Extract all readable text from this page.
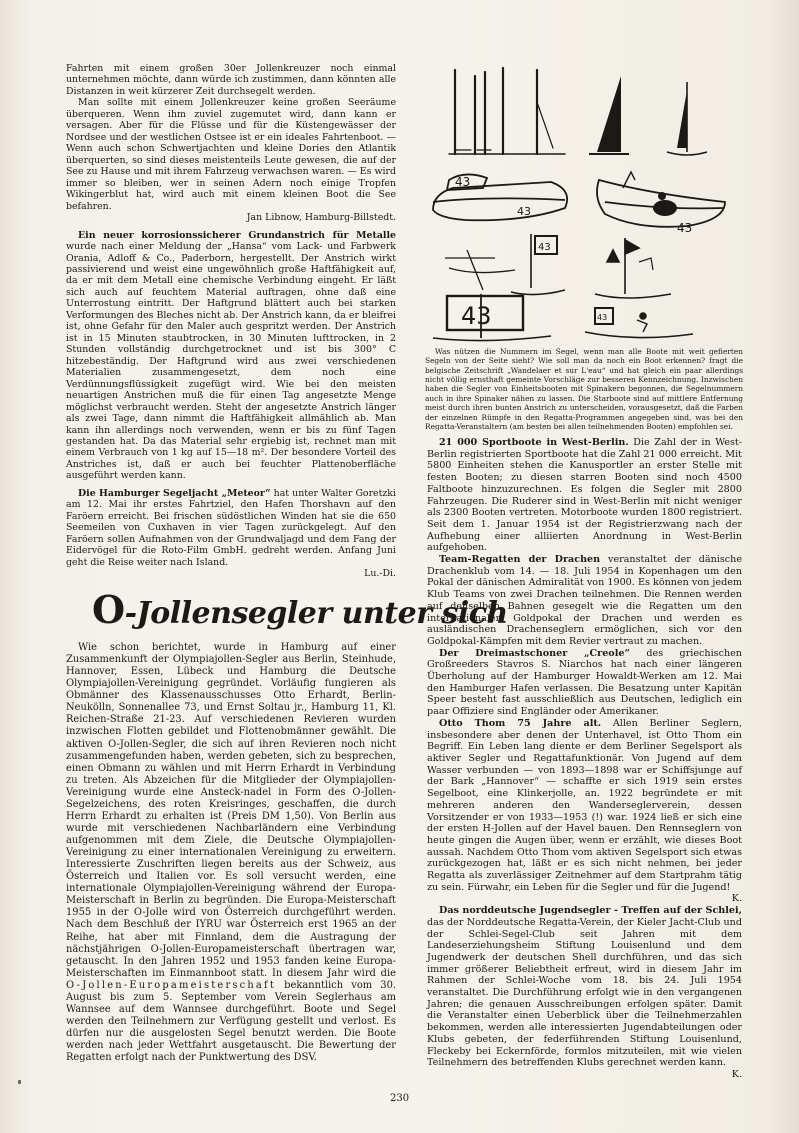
Fahrten mit einem großen 30er Jollenkreuzer noch einmal unternehmen möchte, dann würde ich zustimmen, dann könnten alle Distanzen in weit kürzerer Zeit durchsegelt werden.

Man sollte mit einem Jollenkreuzer keine großen Seeräume überqueren. Wenn ihm zuviel zugemutet wird, dann kann er versagen. Aber für die Flüsse und für die Küstengewässer der Nordsee und der westlichen Ostsee ist er ein ideales Fahrtenboot. — Wenn auch schon Schwertjachten und kleine Dories den Atlantik überquerten, so sind dieses meistenteils Leute gewesen, die auf der See zu Hause und mit ihrem Fahrzeug verwachsen waren. — Es wird immer so bleiben, wer in seinen Adern noch einige Tropfen Wikingerblut hat, wird auch mit einem kleinen Boot die See befahren.

Jan Libnow, Hamburg-Billstedt.

Ein neuer korrosionssicherer Grundanstrich für Metalle wurde nach einer Meldung der „Hansa“ vom Lack- und Farbwerk Orania, Adloff & Co., Paderborn, hergestellt. Der Anstrich wirkt passivierend und weist eine ungewöhnlich große Haftfähigkeit auf, da er mit dem Metall eine chemische Verbindung eingeht. Er läßt sich auch auf feuchtem Material auftragen, ohne daß eine Unterrostung eintritt. Der Haftgrund blättert auch bei starken Verformungen des Bleches nicht ab. Der Anstrich kann, da er bleifrei ist, ohne Gefahr für den Maler auch gespritzt werden. Der Anstrich ist in 15 Minuten staubtrocken, in 30 Minuten lufttrocken, in 2 Stunden vollständig durchgetrocknet und ist bis 300° C hitzebeständig. Der Haftgrund wird aus zwei verschiedenen Materialien zusammengesetzt, dem noch eine Verdünnungsflüssigkeit zugefügt wird. Wie bei den meisten neuartigen Anstrichen muß die für einen Tag angesetzte Menge möglichst verbraucht werden. Steht der angesetzte Anstrich länger als zwei Tage, dann nimmt die Haftfähigkeit allmählich ab. Man kann ihn allerdings noch verwenden, wenn er bis zu fünf Tagen gestanden hat. Da das Material sehr ergiebig ist, rechnet man mit einem Verbrauch von 1 kg auf 15—18 m². Der besondere Vorteil des Anstriches ist, daß er auch bei feuchter Plattenoberfläche ausgeführt werden kann.

Die Hamburger Segeljacht „Meteor“ hat unter Walter Goretzki am 12. Mai ihr erstes Fahrtziel, den Hafen Thorshavn auf den Faröern erreicht. Bei frischen südöstlichen Winden hat sie die 650 Seemeilen von Cuxhaven in vier Tagen zurückgelegt. Auf den Faröern sollen Aufnahmen von der Grundwaljagd und dem Fang der Eidervögel für die Roto-Film GmbH. gedreht werden. Anfang Juni geht die Reise weiter nach Island.

Lu.-Di.

O-Jollensegler unter sich

Wie schon berichtet, wurde in Hamburg auf einer Zusammenkunft der Olympiajollen-Segler aus Berlin, Steinhude, Hannover, Essen, Lübeck und Hamburg die Deutsche Olympiajollen-Vereinigung gegründet. Vorläufig fungieren als Obmänner des Klassenausschusses Otto Erhardt, Berlin-Neukölln, Sonnenallee 73, und Ernst Soltau jr., Hamburg 11, Kl. Reichen-Straße 21-23. Auf verschiedenen Revieren wurden inzwischen Flotten gebildet und Flottenobmänner gewählt. Die aktiven O-Jollen-Segler, die sich auf ihren Revieren noch nicht zusammengefunden haben, werden gebeten, sich zu besprechen, einen Obmann zu wählen und mit Herrn Erhardt in Verbindung zu treten. Als Abzeichen für die Mitglieder der Olympiajollen-Vereinigung wurde eine Ansteck-nadel in Form des O-Jollen-Segelzeichens, des roten Kreisringes, geschaffen, die durch Herrn Erhardt zu erhalten ist (Preis DM 1,50). Von Berlin aus wurde mit verschiedenen Nachbarländern eine Verbindung aufgenommen mit dem Ziele, die Deutsche Olympiajollen-Vereinigung zu einer internationalen Vereinigung zu erweitern. Interessierte Zuschriften liegen bereits aus der Schweiz, aus Österreich und Italien vor. Es soll versucht werden, eine internationale Olympiajollen-Vereinigung während der Europa-Meisterschaft in Berlin zu begründen. Die Europa-Meisterschaft 1955 in der O-Jolle wird von Österreich durchgeführt werden. Nach dem Beschluß der IYRU war Österreich erst 1965 an der Reihe, hat aber mit Finnland, dem die Austragung der nächstjährigen O-Jollen-Europameisterschaft übertragen war, getauscht. In den Jahren 1952 und 1953 fanden keine Europa-Meisterschaften im Einmannboot statt. In diesem Jahr wird die O-Jollen-Europameisterschaft bekanntlich vom 30. August bis zum 5. September vom Verein Seglerhaus am Wannsee auf dem Wannsee durchgeführt. Boote und Segel werden den Teilnehmern zur Verfügung gestellt und verlost. Es dürfen nur die ausgelosten Segel benutzt werden. Die Boote werden nach jeder Wettfahrt ausgetauscht. Die Bewertung der Regatten erfolgt nach der Punktwertung des DSV.

43
43
43
43
43	43

Was nützen die Nummern im Segel, wenn man alle Boote mit weit gefierten Segeln von der Seite sieht? Wie soll man da noch ein Boot erkennen? fragt die belgische Zeitschrift „Wandelaer et sur L'eau“ und hat gleich ein paar allerdings nicht völlig ernsthaft gemeinte Vorschläge zur besseren Kennzeichnung. Inzwischen haben die Segler von Einheitsbooten mit Spinakern begonnen, die Segelnummern auch in ihre Spinaker nähen zu lassen. Die Starboote sind auf mittlere Entfernung meist durch ihren bunten Anstrich zu unterscheiden, vorausgesetzt, daß die Farben der einzelnen Rümpfe in den Regatta-Programmen angegeben sind, was bei den Regatta-Veranstaltern (am besten bei allen teilnehmenden Booten) empfohlen sei.

21 000 Sportboote in West-Berlin. Die Zahl der in West-Berlin registrierten Sportboote hat die Zahl 21 000 erreicht. Mit 5800 Einheiten stehen die Kanusportler an erster Stelle mit festen Booten; zu diesen starren Booten sind noch 4500 Faltboote hinzuzurechnen. Es folgen die Segler mit 2800 Fahrzeugen. Die Ruderer sind in West-Berlin mit nicht weniger als 2300 Booten vertreten. Motorboote wurden 1800 registriert. Seit dem 1. Januar 1954 ist der Registrierzwang nach der Aufhebung einer alliierten Anordnung in West-Berlin aufgehoben.

Team-Regatten der Drachen veranstaltet der dänische Drachenklub vom 14. — 18. Juli 1954 in Kopenhagen um den Pokal der dänischen Admiralität von 1900. Es können von jedem Klub Teams von zwei Drachen teilnehmen. Die Rennen werden auf denselben Bahnen gesegelt wie die Regatten um den internationalen Goldpokal der Drachen und werden es ausländischen Drachenseglern ermöglichen, sich vor den Goldpokal-Kämpfen mit dem Revier vertraut zu machen.

Der Dreimastschoner „Creole“ des griechischen Großreeders Stavros S. Niarchos hat nach einer längeren Überholung auf der Hamburger Howaldt-Werken am 12. Mai den Hamburger Hafen verlassen. Die Besatzung unter Kapitän Speer besteht fast ausschließlich aus Deutschen, lediglich ein paar Offiziere sind Engländer oder Amerikaner.

Otto Thom 75 Jahre alt. Allen Berliner Seglern, insbesondere aber denen der Unterhavel, ist Otto Thom ein Begriff. Ein Leben lang diente er dem Berliner Segelsport als aktiver Segler und Regattafunktionär. Von Jugend auf dem Wasser verbunden — von 1893—1898 war er Schiffsjunge auf der Bark „Hannover“ — schaffte er sich 1919 sein erstes Segelboot, eine Klinkerjolle, an. 1922 begründete er mit mehreren anderen den Wanderseglerverein, dessen Vorsitzender er von 1933—1953 (!) war. 1924 ließ er sich eine der ersten H-Jollen auf der Havel bauen. Den Rennseglern von heute gingen die Augen über, wenn er erzählt, wie dieses Boot aussah. Nachdem Otto Thom vom aktiven Segelsport sich etwas zurückgezogen hat, läßt er es sich nicht nehmen, bei jeder Regatta als zuverlässiger Zeitnehmer auf dem Startprahm tätig zu sein. Fürwahr, ein Leben für die Segler und für die Jugend!

K.

Das norddeutsche Jugendsegler - Treffen auf der Schlei, das der Norddeutsche Regatta-Verein, der Kieler Jacht-Club und der Schlei-Segel-Club seit Jahren mit dem Landeserziehungsheim Stiftung Louisenlund und dem Jugendwerk der deutschen Shell durchführen, und das sich immer größerer Beliebtheit erfreut, wird in diesem Jahr im Rahmen der Schlei-Woche vom 18. bis 24. Juli 1954 veranstaltet. Die Durchführung erfolgt wie in den vergangenen Jahren; die genauen Ausschreibungen erfolgen später. Damit die Veranstalter einen Ueberblick über die Teilnehmerzahlen bekommen, werden alle interessierten Jugendabteilungen oder Klubs gebeten, der federführenden Stiftung Louisenlund, Fleckeby bei Eckernförde, formlos mitzuteilen, mit wie vielen Teilnehmern des betreffenden Klubs gerechnet werden kann.

K.

230
